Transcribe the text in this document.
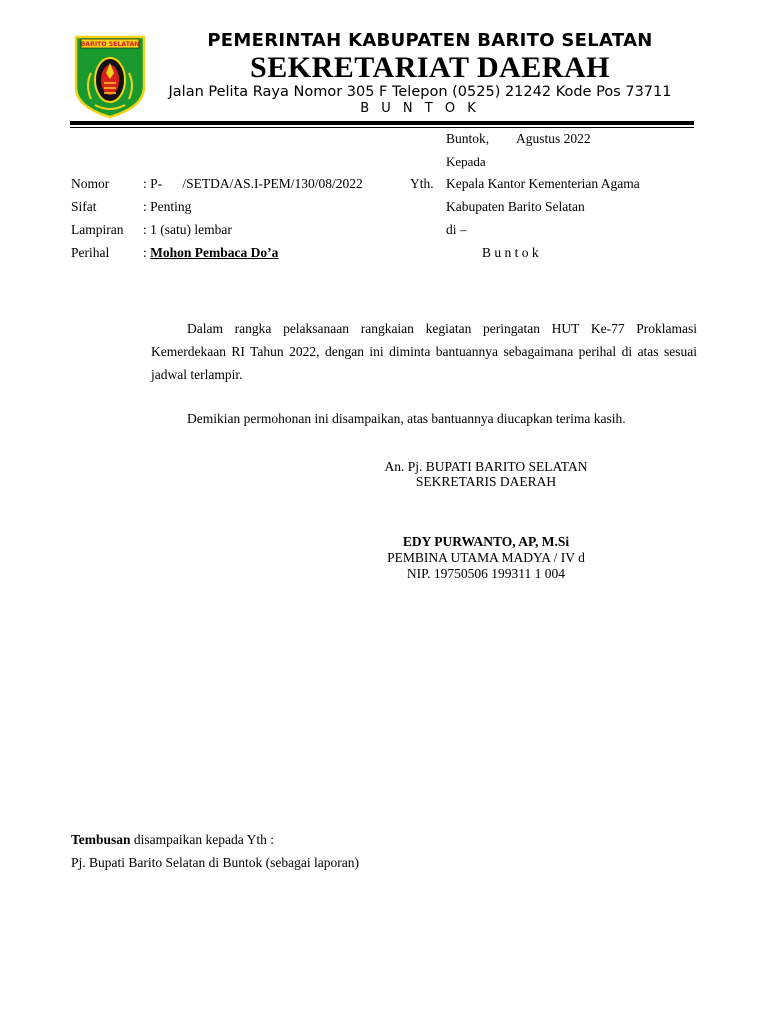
BARITO SELATAN	PEMERINTAH KABUPATEN BARITO SELATAN
SEKRETARIAT DAERAH
Jalan Pelita Raya Nomor 305 F Telepon (0525) 21242 Kode Pos 73711
B U N T O K
Buntok, Agustus 2022
Kepada
Yth. Kepala Kantor Kementerian Agama
Kabupaten Barito Selatan
di –
B u n t o k
Nomor	: P-      /SETDA/AS.I-PEM/130/08/2022
Sifat	: Penting
Lampiran : 1 (satu) lembar
Perihal	: Mohon Pembaca Do’a
Dalam rangka pelaksanaan rangkaian kegiatan peringatan HUT Ke-77 Proklamasi Kemerdekaan RI Tahun 2022, dengan ini diminta bantuannya sebagaimana perihal di atas sesuai jadwal terlampir.
Demikian permohonan ini disampaikan, atas bantuannya diucapkan terima kasih.
An. Pj. BUPATI BARITO SELATAN
SEKRETARIS DAERAH
EDY PURWANTO, AP, M.Si
PEMBINA UTAMA MADYA / IV d
NIP. 19750506 199311 1 004
Tembusan disampaikan kepada Yth :
Pj. Bupati Barito Selatan di Buntok (sebagai laporan)
